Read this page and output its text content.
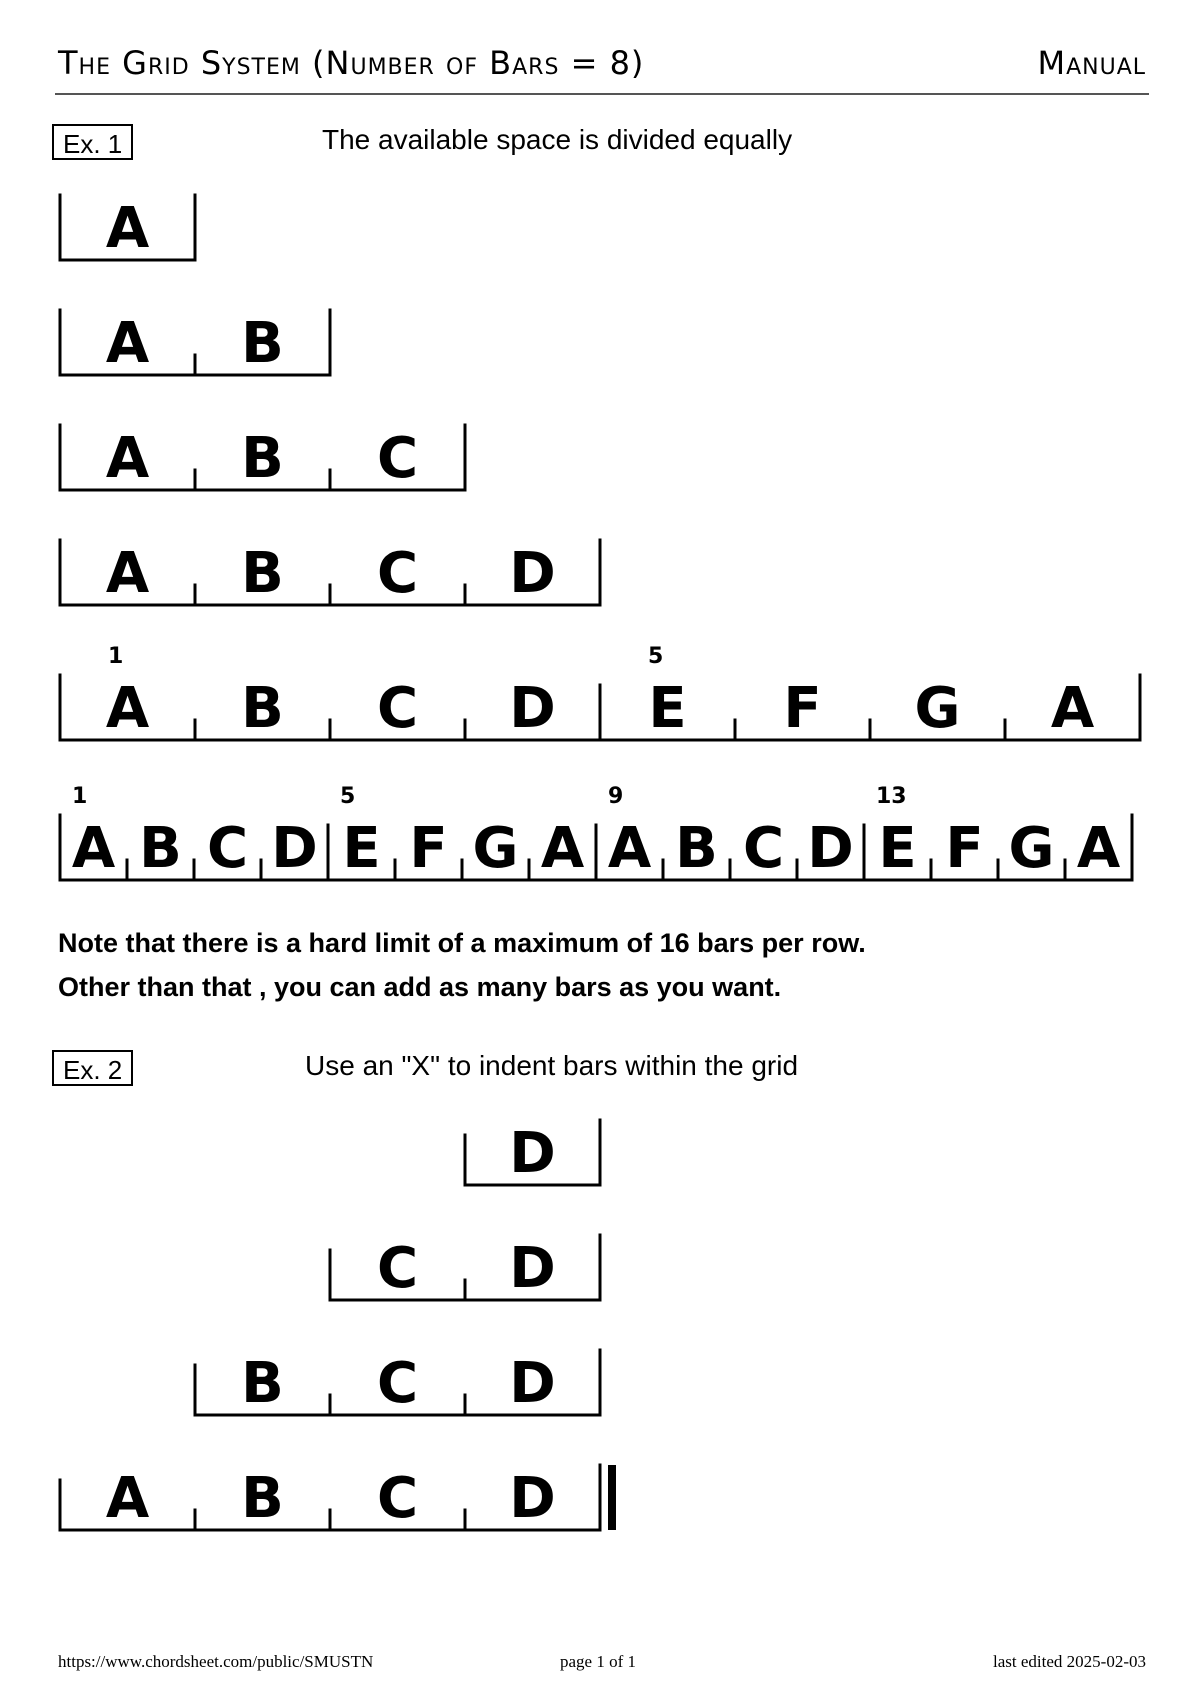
The Grid System (Number of Bars = 8)	Manual
Ex. 1	The available space is divided equally
Note that there is a hard limit of a maximum of 16 bars per row.
Other than that , you can add as many bars as you want.
Ex. 2	Use an "X" to indent bars within the grid
A
A B
A B C
A B C D
A B C D E F G A
1	5
A B C D E F G A A B C D E F G A
1	5	9	13
D
C D
B C D
A B C D
https://www.chordsheet.com/public/SMUSTN	page 1 of 1	last edited 2025-02-03
